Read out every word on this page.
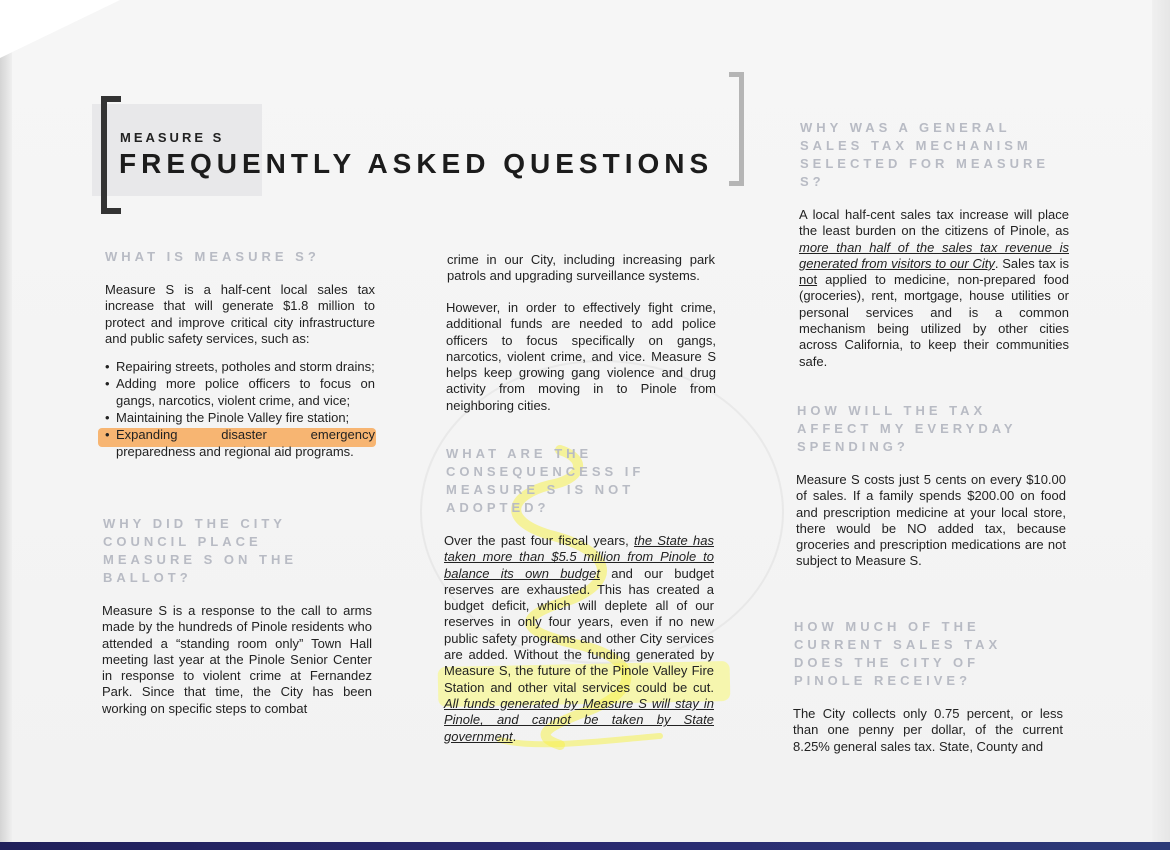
MEASURE S
FREQUENTLY ASKED QUESTIONS
WHAT IS MEASURE S?

Measure S is a half-cent local sales tax increase that will generate $1.8 million to protect and improve critical city infrastructure and public safety services, such as:

• Repairing streets, potholes and storm drains;
• Adding more police officers to focus on gangs, narcotics, violent crime, and vice;
• Maintaining the Pinole Valley fire station;
• Expanding disaster emergency preparedness and regional aid programs.
WHY DID THE CITY COUNCIL PLACE MEASURE S ON THE BALLOT?
Measure S is a response to the call to arms made by the hundreds of Pinole residents who attended a “standing room only” Town Hall meeting last year at the Pinole Senior Center in response to violent crime at Fernandez Park. Since that time, the City has been working on specific steps to combat
crime in our City, including increasing park patrols and upgrading surveillance systems.
However, in order to effectively fight crime, additional funds are needed to add police officers to focus specifically on gangs, narcotics, violent crime, and vice. Measure S helps keep growing gang violence and drug activity from moving in to Pinole from neighboring cities.
WHAT ARE THE CONSEQUENCESS IF MEASURE S IS NOT ADOPTED?
Over the past four fiscal years, the State has taken more than $5.5 million from Pinole to balance its own budget and our budget reserves are exhausted. This has created a budget deficit, which will deplete all of our reserves in only four years, even if no new public safety programs and other City services are added. Without the funding generated by Measure S, the future of the Pinole Valley Fire Station and other vital services could be cut. All funds generated by Measure S will stay in Pinole, and cannot be taken by State government.
WHY WAS A GENERAL SALES TAX MECHANISM SELECTED FOR MEASURE S?
A local half-cent sales tax increase will place the least burden on the citizens of Pinole, as more than half of the sales tax revenue is generated from visitors to our City. Sales tax is not applied to medicine, non-prepared food (groceries), rent, mortgage, house utilities or personal services and is a common mechanism being utilized by other cities across California, to keep their communities safe.
HOW WILL THE TAX AFFECT MY EVERYDAY SPENDING?
Measure S costs just 5 cents on every $10.00 of sales. If a family spends $200.00 on food and prescription medicine at your local store, there would be NO added tax, because groceries and prescription medications are not subject to Measure S.
HOW MUCH OF THE CURRENT SALES TAX DOES THE CITY OF PINOLE RECEIVE?
The City collects only 0.75 percent, or less than one penny per dollar, of the current 8.25% general sales tax. State, County and
